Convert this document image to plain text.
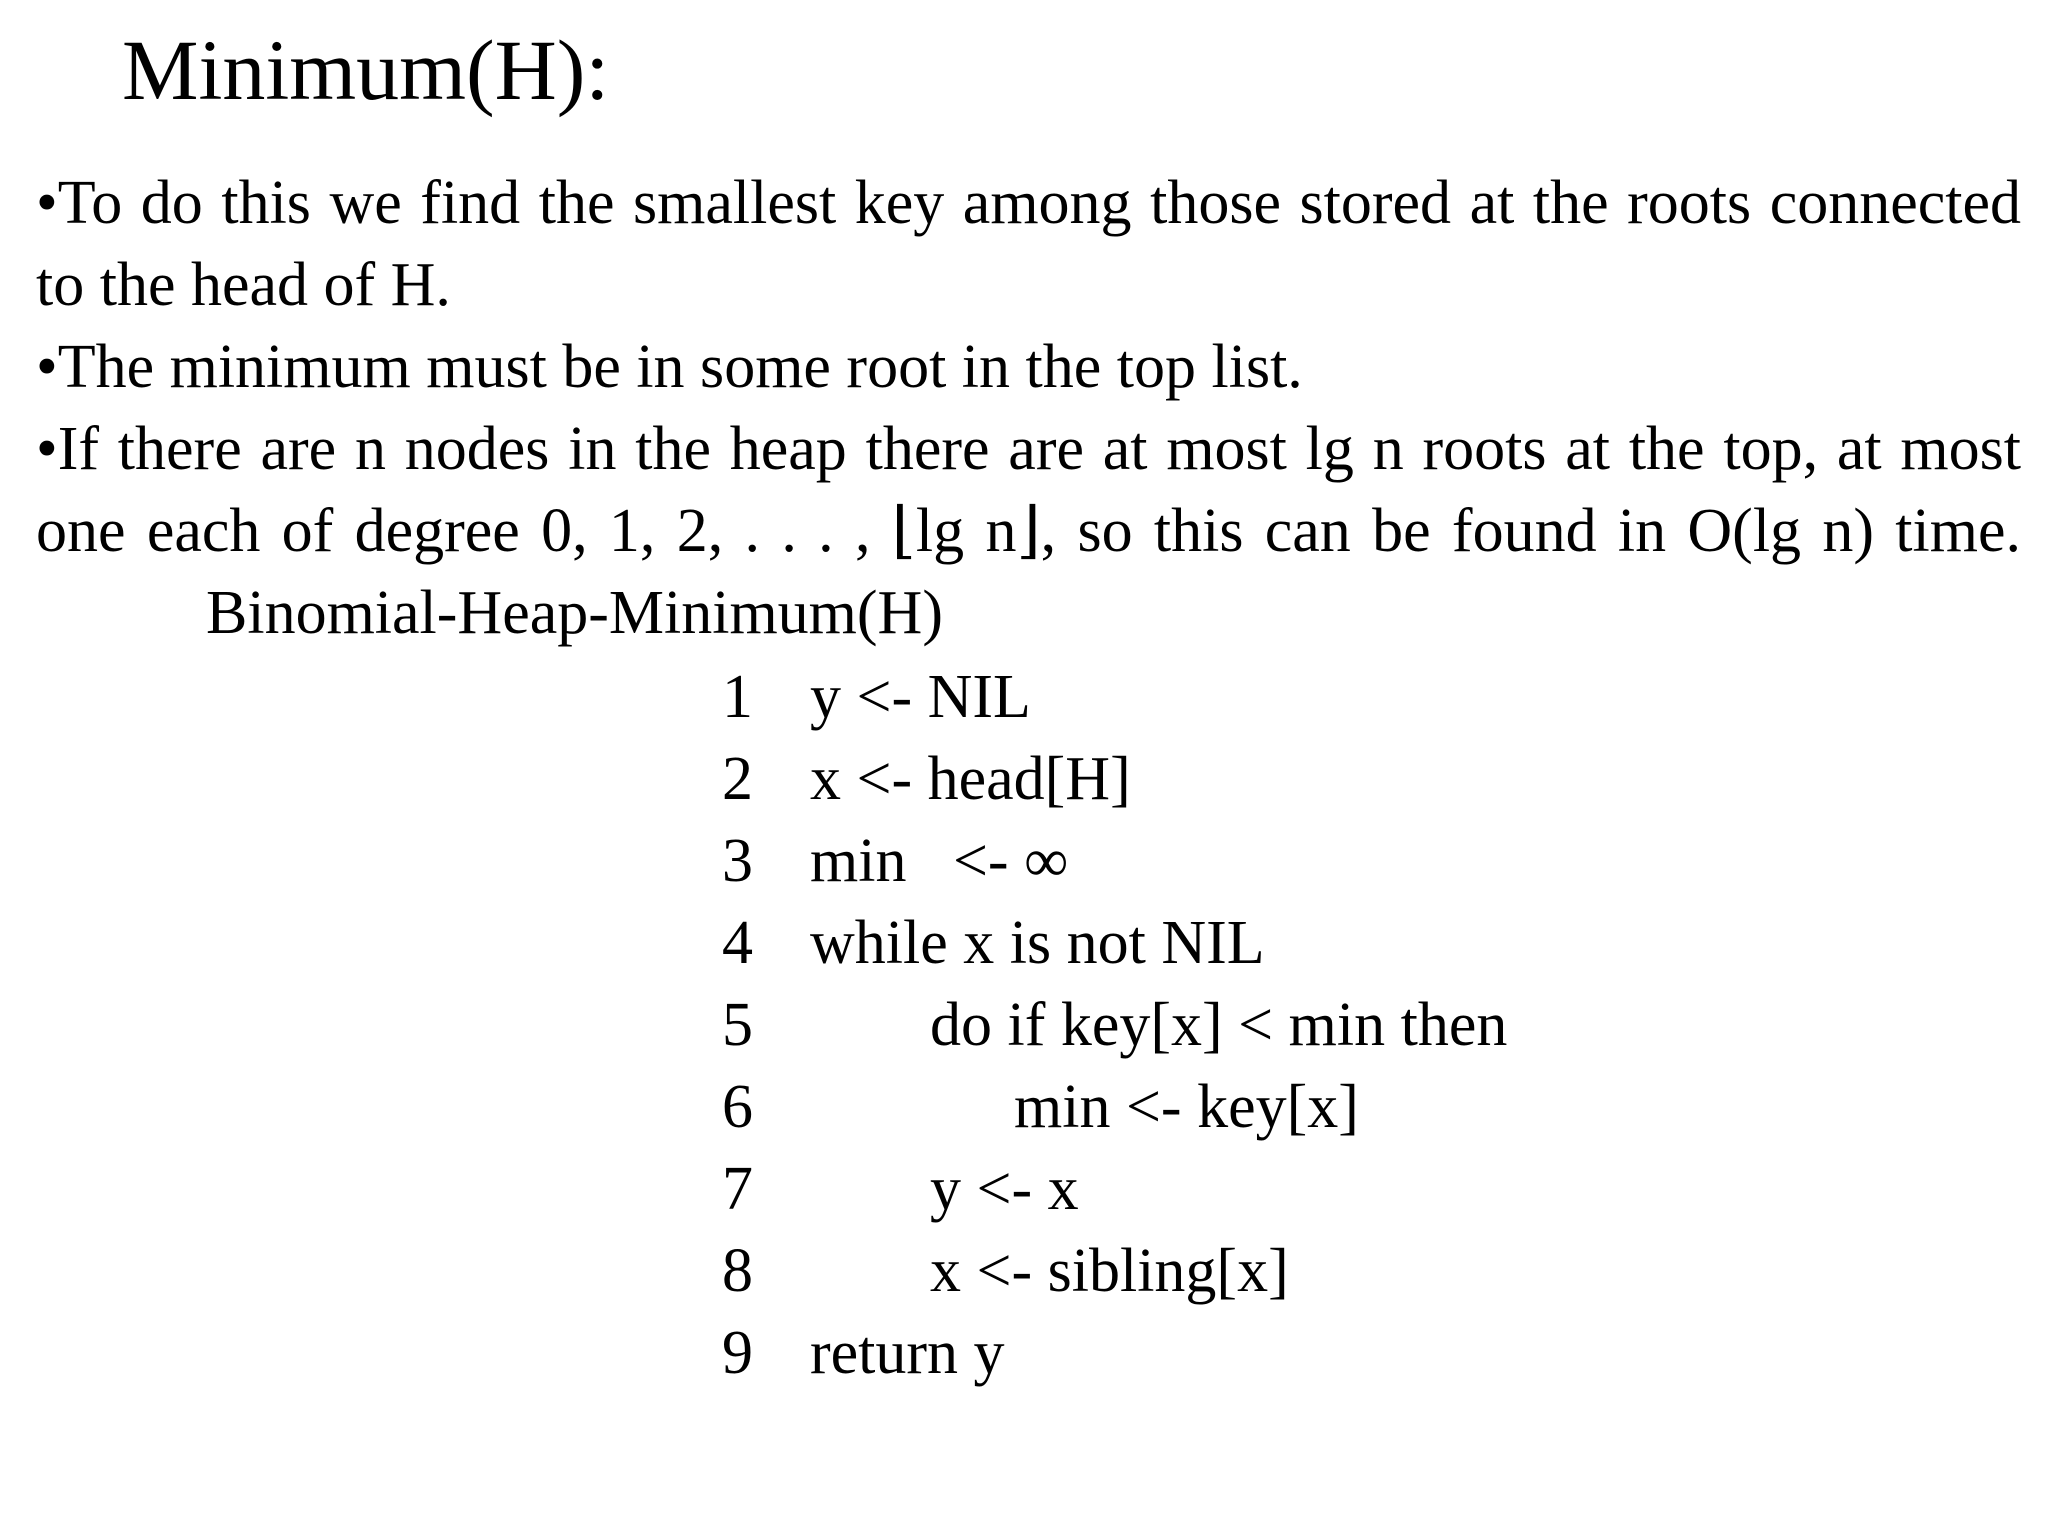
Minimum(H):

•To do this we find the smallest key among those stored at the roots connected to the head of H.

•The minimum must be in some root in the top list.

•If there are n nodes in the heap there are at most lg n roots at the top, at most one each of degree 0, 1, 2, . . . , ⌊lg n⌋, so this can be found in O(lg n) time.Binomial-Heap-Minimum(H)

1 y <- NIL
2 x <- head[H]
3 min   <- ∞
4 while x is not NIL
5	do if key[x] < min then
6	min <- key[x]
7	y <- x
8	x <- sibling[x]
9 return y
